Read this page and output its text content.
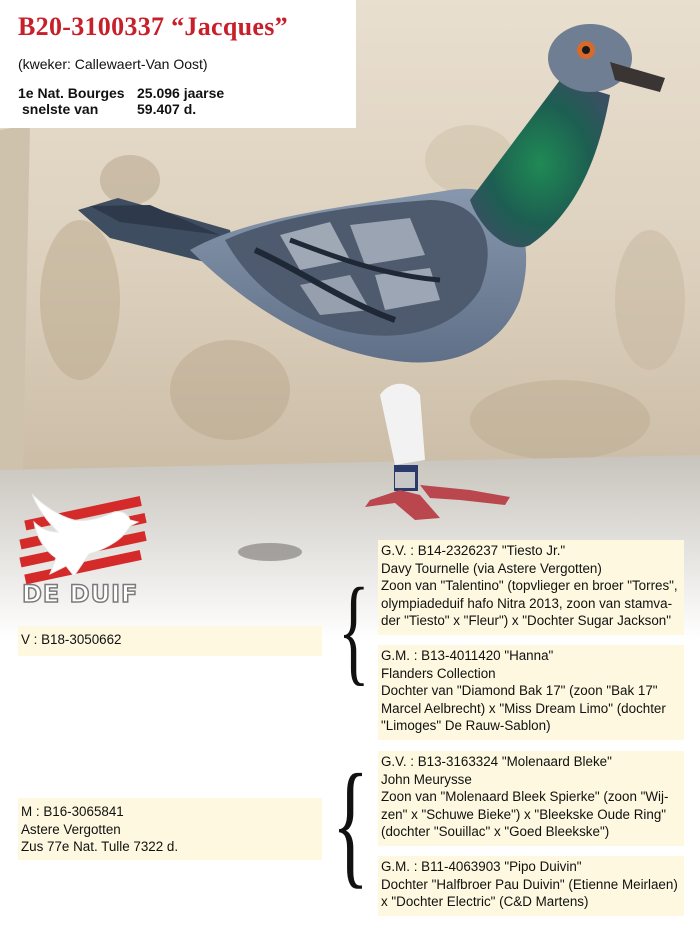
B20-3100337 “Jacques”
(kweker: Callewaert-Van Oost)
1e Nat. Bourges 25.096 jaarse
snelste van	59.407 d.
DE DUIF
V : B18-3050662
M : B16-3065841
Astere Vergotten
Zus 77e Nat. Tulle 7322 d.
{
{
G.V. : B14-2326237 "Tiesto Jr."
Davy Tournelle (via Astere Vergotten)
Zoon van "Talentino" (topvlieger en broer "Torres",
olympiadeduif hafo Nitra 2013, zoon van stamva-
der "Tiesto" x "Fleur") x "Dochter Sugar Jackson"
G.M. : B13-4011420 "Hanna"
Flanders Collection
Dochter van "Diamond Bak 17" (zoon "Bak 17"
Marcel Aelbrecht) x "Miss Dream Limo" (dochter
"Limoges" De Rauw-Sablon)
G.V. : B13-3163324 "Molenaard Bleke"
John Meurysse
Zoon van "Molenaard Bleek Spierke" (zoon "Wij-
zen" x "Schuwe Bieke") x "Bleekske Oude Ring"
(dochter "Souillac" x "Goed Bleekske")
G.M. : B11-4063903 "Pipo Duivin"
Dochter "Halfbroer Pau Duivin" (Etienne Meirlaen)
x "Dochter Electric" (C&D Martens)
